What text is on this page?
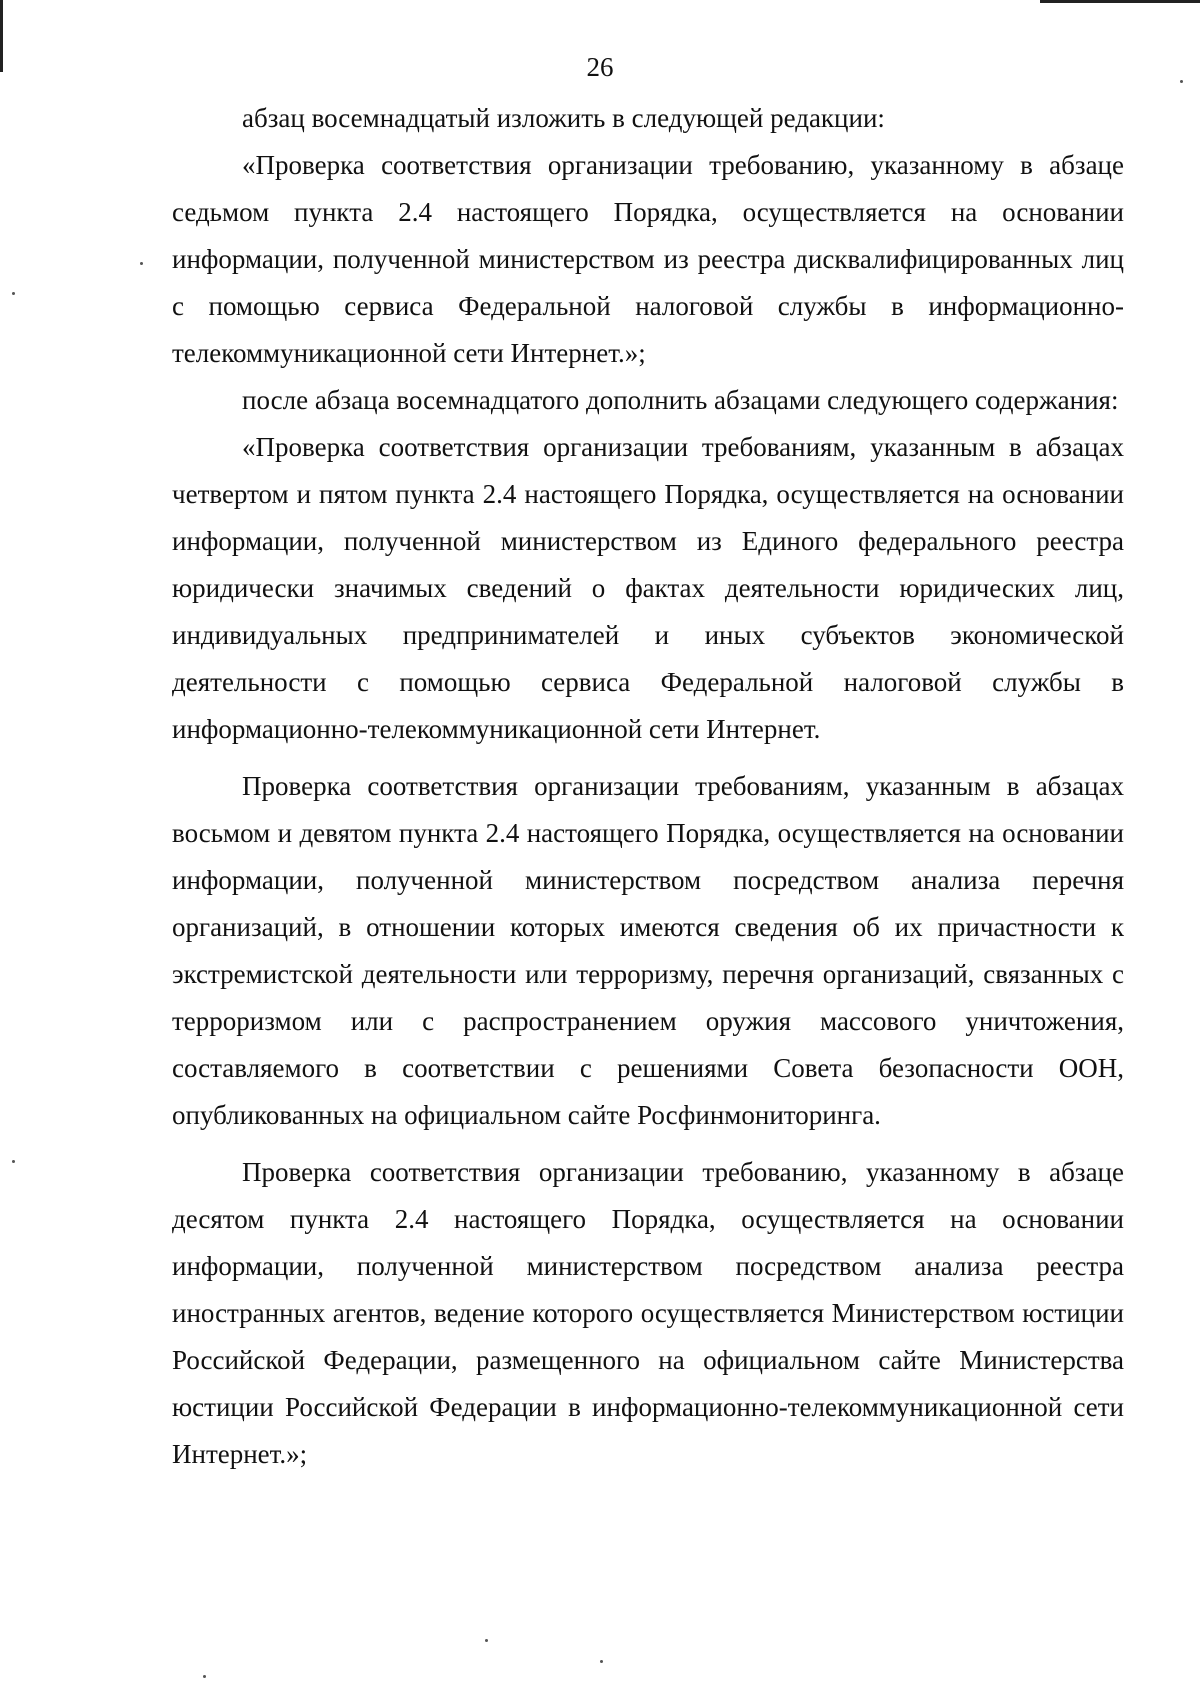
26

абзац восемнадцатый изложить в следующей редакции:

«Проверка соответствия организации требованию, указанному в абзаце седьмом пункта 2.4 настоящего Порядка, осуществляется на основании информации, полученной министерством из реестра дисквалифицированных лиц с помощью сервиса Федеральной налоговой службы в информационно-телекоммуникационной сети Интернет.»;

после абзаца восемнадцатого дополнить абзацами следующего содержания:

«Проверка соответствия организации требованиям, указанным в абзацах четвертом и пятом пункта 2.4 настоящего Порядка, осуществляется на основании информации, полученной министерством из Единого федерального реестра юридически значимых сведений о фактах деятельности юридических лиц, индивидуальных предпринимателей и иных субъектов экономической деятельности с помощью сервиса Федеральной налоговой службы в информационно-телекоммуникационной сети Интернет.

Проверка соответствия организации требованиям, указанным в абзацах восьмом и девятом пункта 2.4 настоящего Порядка, осуществляется на основании информации, полученной министерством посредством анализа перечня организаций, в отношении которых имеются сведения об их причастности к экстремистской деятельности или терроризму, перечня организаций, связанных с терроризмом или с распространением оружия массового уничтожения, составляемого в соответствии с решениями Совета безопасности ООН, опубликованных на официальном сайте Росфинмониторинга.

Проверка соответствия организации требованию, указанному в абзаце десятом пункта 2.4 настоящего Порядка, осуществляется на основании информации, полученной министерством посредством анализа реестра иностранных агентов, ведение которого осуществляется Министерством юстиции Российской Федерации, размещенного на официальном сайте Министерства юстиции Российской Федерации в информационно-телекоммуникационной сети Интернет.»;
